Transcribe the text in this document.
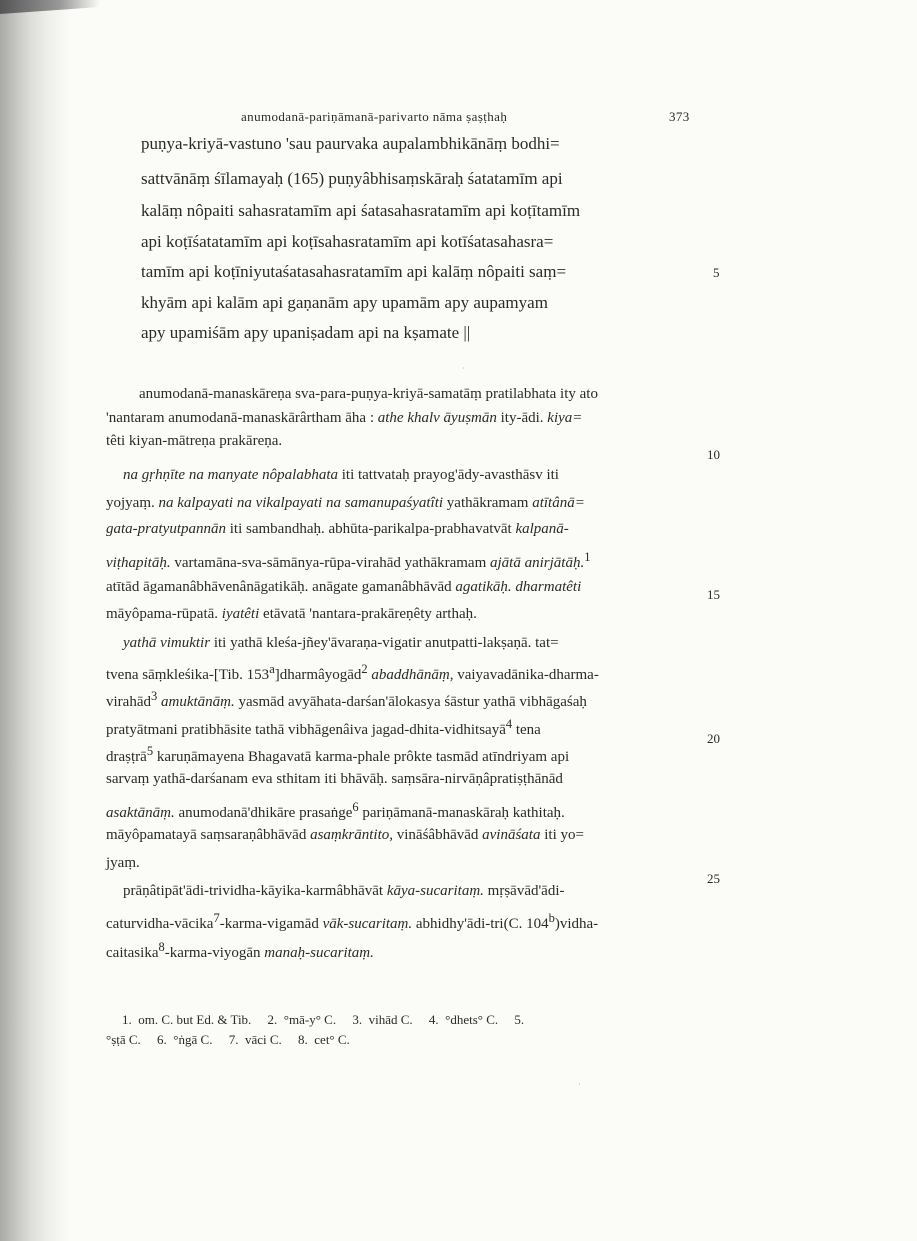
anumodanā-pariṇāmanā-parivarto nāma ṣaṣṭhaḥ	373
puṇya-kriyā-vastuno 'sau paurvaka aupalambhikānāṃ bodhi=
sattvānāṃ śīlamayaḥ (165) puṇyâbhisaṃskāraḥ śatatamīm api
kalāṃ nôpaiti sahasratamīm api śatasahasratamīm api koṭītamīm
api koṭīśatatamīm api koṭīsahasratamīm api kotīśatasahasra=
tamīm api koṭīniyutaśatasahasratamīm api kalāṃ nôpaiti saṃ=
khyām api kalām api gaṇanām apy upamām apy aupamyam
apy upamiśām apy upaniṣadam api na kṣamate ||
5
10
15
20
25
·
·
anumodanā-manaskāreṇa sva-para-puṇya-kriyā-samatāṃ pratilabhata ity ato
'nantaram anumodanā-manaskārârtham āha : athe khalv āyuṣmān ity-ādi. kiya=
têti kiyan-mātreṇa prakāreṇa.
na gṛhṇīte na manyate nôpalabhata iti tattvataḥ prayog'ādy-avasthāsv iti
yojyaṃ. na kalpayati na vikalpayati na samanupaśyatîti yathākramam atītânā=
gata-pratyutpannān iti sambandhaḥ. abhūta-parikalpa-prabhavatvāt kalpanā-
viṭhapitāḥ. vartamāna-sva-sāmānya-rūpa-virahād yathākramam ajātā anirjātāḥ.$^1$
atītād āgamanâbhāvenânāgatikāḥ. anāgate gamanâbhāvād agatikāḥ. dharmatêti
māyôpama-rūpatā. iyatêti etāvatā 'nantara-prakāreṇêty arthaḥ.
yathā vimuktir iti yathā kleśa-jñey'āvaraṇa-vigatir anutpatti-lakṣaṇā. tat=
tvena sāṃkleśika-[Tib. 153$^a$]dharmâyogād$^2$ abaddhānāṃ, vaiyavadānika-dharma-
virahād$^3$ amuktānāṃ. yasmād avyāhata-darśan'ālokasya śāstur yathā vibhāgaśaḥ
pratyātmani pratibhāsite tathā vibhāgenâiva jagad-dhita-vidhitsayā$^4$ tena
draṣṭrā$^5$ karuṇāmayena Bhagavatā karma-phale prôkte tasmād atīndriyam api
sarvaṃ yathā-darśanam eva sthitam iti bhāvāḥ. saṃsāra-nirvāṇâpratiṣṭhānād
asaktānāṃ. anumodanā'dhikāre prasaṅge$^6$ pariṇāmanā-manaskāraḥ kathitaḥ.
māyôpamatayā saṃsaraṇâbhāvād asaṃkrāntito, vināśâbhāvād avināśata iti yo=
jyaṃ.
prāṇâtipāt'ādi-trividha-kāyika-karmâbhāvāt kāya-sucaritaṃ. mṛṣāvād'ādi-
caturvidha-vācika$^7$-karma-vigamād vāk-sucaritaṃ. abhidhy'ādi-tri(C. 104$^b$)vidha-
caitasika$^8$-karma-viyogān manaḥ-sucaritaṃ.
1.  om. C. but Ed. & Tib.     2.  °mā-y° C.     3.  vihād C.     4.  °dhets° C.     5.
°ṣṭā C.     6.  °ṅgā C.     7.  vāci C.     8.  cet° C.
